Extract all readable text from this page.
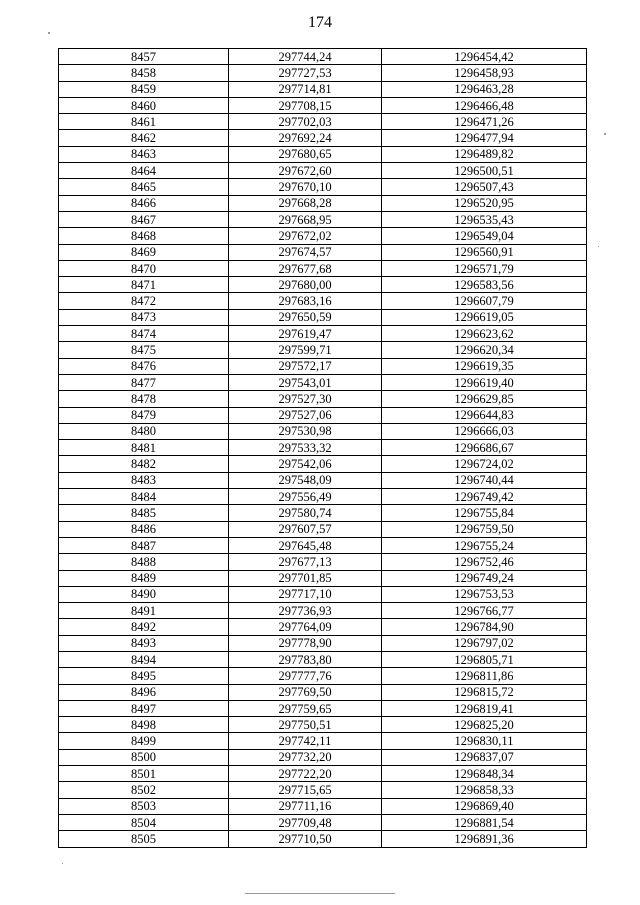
174
8457	297744,24	1296454,42
8458	297727,53	1296458,93
8459	297714,81	1296463,28
8460	297708,15	1296466,48
8461	297702,03	1296471,26
8462	297692,24	1296477,94
8463	297680,65	1296489,82
8464	297672,60	1296500,51
8465	297670,10	1296507,43
8466	297668,28	1296520,95
8467	297668,95	1296535,43
8468	297672,02	1296549,04
8469	297674,57	1296560,91
8470	297677,68	1296571,79
8471	297680,00	1296583,56
8472	297683,16	1296607,79
8473	297650,59	1296619,05
8474	297619,47	1296623,62
8475	297599,71	1296620,34
8476	297572,17	1296619,35
8477	297543,01	1296619,40
8478	297527,30	1296629,85
8479	297527,06	1296644,83
8480	297530,98	1296666,03
8481	297533,32	1296686,67
8482	297542,06	1296724,02
8483	297548,09	1296740,44
8484	297556,49	1296749,42
8485	297580,74	1296755,84
8486	297607,57	1296759,50
8487	297645,48	1296755,24
8488	297677,13	1296752,46
8489	297701,85	1296749,24
8490	297717,10	1296753,53
8491	297736,93	1296766,77
8492	297764,09	1296784,90
8493	297778,90	1296797,02
8494	297783,80	1296805,71
8495	297777,76	1296811,86
8496	297769,50	1296815,72
8497	297759,65	1296819,41
8498	297750,51	1296825,20
8499	297742,11	1296830,11
8500	297732,20	1296837,07
8501	297722,20	1296848,34
8502	297715,65	1296858,33
8503	297711,16	1296869,40
8504	297709,48	1296881,54
8505	297710,50	1296891,36
